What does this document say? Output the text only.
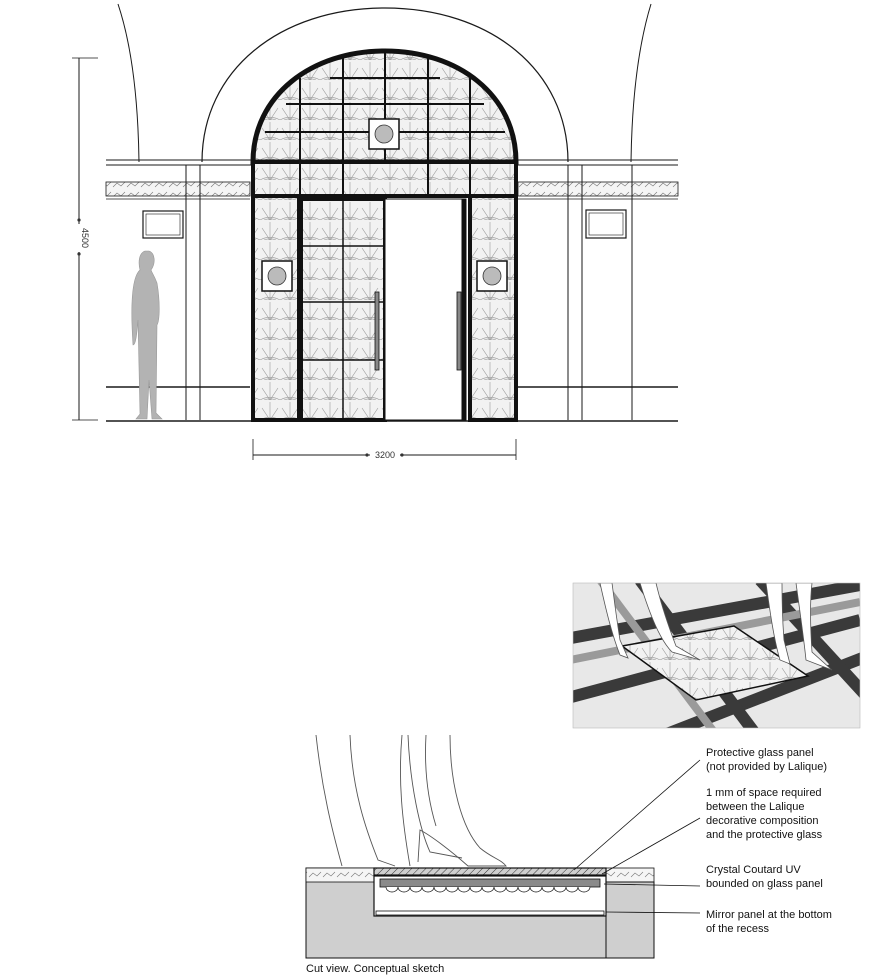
4500
3200
Protective glass panel (not provided by Lalique)
1 mm of space required between the Lalique decorative composition and the protective glass
Crystal Coutard UV bounded on glass panel
Mirror panel at the bottom of the recess
Cut view. Conceptual sketch
